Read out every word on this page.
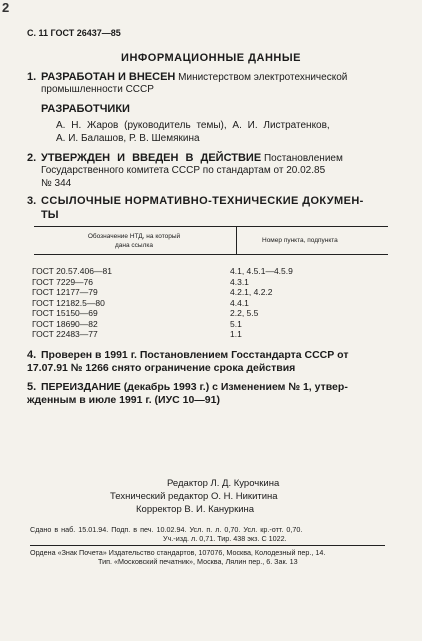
2
С. 11 ГОСТ 26437—85
ИНФОРМАЦИОННЫЕ ДАННЫЕ
1. РАЗРАБОТАН И ВНЕСЕН Министерством электротехнической
промышленности СССР
РАЗРАБОТЧИКИ
А. Н. Жаров (руководитель темы), А. И. Листратенков,
А. И. Балашов, Р. В. Шемякина
2. УТВЕРЖДЕН И ВВЕДЕН В ДЕЙСТВИЕ Постановлением
Государственного комитета СССР по стандартам от 20.02.85
№ 344
3. ССЫЛОЧНЫЕ НОРМАТИВНО-ТЕХНИЧЕСКИЕ ДОКУМЕН-
ТЫ
Обозначение НТД, на который
дана ссылка
Номер пункта, подпункта
ГОСТ 20.57.406—81
ГОСТ 7229—76
ГОСТ 12177—79
ГОСТ 12182.5—80
ГОСТ 15150—69
ГОСТ 18690—82
ГОСТ 22483—77
4.1, 4.5.1—4.5.9
4.3.1
4.2.1, 4.2.2
4.4.1
2.2, 5.5
5.1
1.1
4. Проверен в 1991 г. Постановлением Госстандарта СССР от
17.07.91 № 1266 снято ограничение срока действия
5. ПЕРЕИЗДАНИЕ (декабрь 1993 г.) с Изменением № 1, утвер-
жденным в июле 1991 г. (ИУС 10—91)
Редактор Л. Д. Курочкина
Технический редактор О. Н. Никитина
Корректор В. И. Кануркина
Сдано в наб. 15.01.94. Подп. в печ. 10.02.94. Усл. п. л. 0,70. Усл. кр.-отт. 0,70.
Уч.-изд. л. 0,71. Тир. 438 экз. С 1022.
Ордена «Знак Почета» Издательство стандартов, 107076, Москва, Колодезный пер., 14.
Тип. «Московский печатник», Москва, Лялин пер., 6. Зак. 13
